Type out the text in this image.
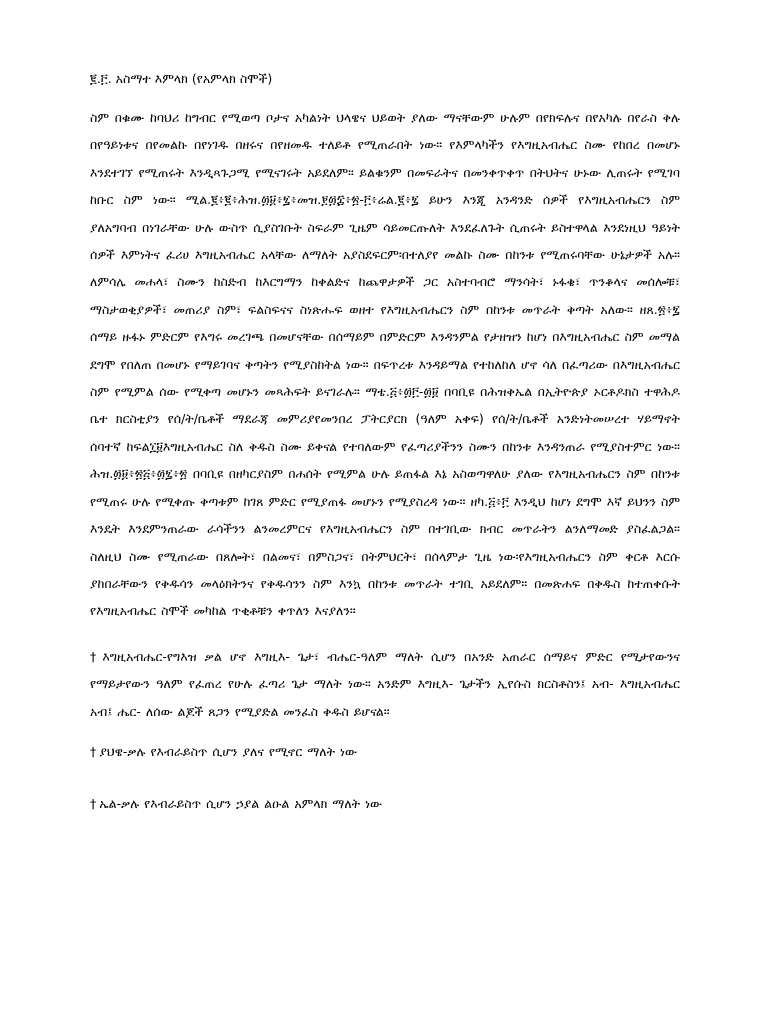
፪.፫. አስማተ እምላክ (የአምላክ ስሞች)

ስም በቁሙ ከባህሪ ከግብር የሚወጣ ቦታና አካልነት ህላዌና ህይወት ያለው ማናቸውም ሁሉም በየክፍሉና በየአካሉ በየራስ ቅሉ በየዓይነቱና በየመልኩ በየነገዱ በዘሩና በየዘመዱ ተለይቶ የሚጠራበት ነው። የእምላካችን የእግዚአብሔር ስሙ የከበረ በመሆኑ እንደተገኘ የሚጠሩት እንዲጻጉጋሚ የሚናገሩት አይደለም። ይልቁንም በመፍራትና በመንቀጥቀጥ በትህትና ሁኑው ሊጠሩት የሚገባ ከቡር ስም ነው። ሚል.፪፥፪፥ሕዝ.፴፱፥፯፥መዝ.፻፴፰፥፳-፫፥ሬል.፪፥፯ ይሁን እንጂ አንዳንድ ሰዎች የእግዚአብሔርን ስም ያለአግባብ በነገራቸው ሁሉ ውስጥ ሲያስገቡት ስፍራም ጊዜም ሳይመርጡለት እንደፈለጉት ሲጠሩት ይስተዋላል እንደነዚህ ዓይነት ሰዎች እምነትና ፈሪሀ እግዚአብሔር አላቸው ለማለት አያስደፍርም፡በተለያየ መልኩ ስሙ በከንቱ የሚጠሩባቸው ሁኔታዎች አሉ። ለምሳሌ መሐላ፣ ስሙን ከስድብ ከእርግማን ከቀልድና ከጨዋታዎች ጋር አስተባብሮ ማንሳት፣ ኑፋቄ፣ ጥንቆላና መሰሎቹ፣ ማስታወቂያዎች፣ መጠሪያ ስም፣ ፍልስፍናና ስነጽሑፍ ወዘተ የእግዚአብሔርን ስም በከንቱ መጥራት ቅጣት አለው። ዘጸ.፳፥፯ ሰማይ ዙፋኑ ምድርም የእግሩ መረገጫ በመሆናቸው በሰማይም በምድርም እንዳንምል የታዘዝን ከሆነ በእግዚአብሔር ስም መማል ደግሞ የበለጠ በመሆኑ የማይገባና ቅጣትን የሚያስከትል ነው። በፍጥረቱ እንዳይማል የተከለከለ ሆኖ ሳለ በፈጣሪው በእግዚአብሔር ስም የሚምል ሰው የሚቀጣ መሆኑን መጻሕፍት ይናገራሉ። ማቴ.፭፥፴፫-፴፱ በባቢዩ በሕዝቅኤል በኢትዮጵያ ኦርቶዶክስ ተዋሕዶ ቤተ ክርስቲያን የሰ/ት/ቤቶች ማደራጃ መምሪያየመንበረ ፓትርያርክ (ዓለም አቀፍ) የሰ/ት/ቤቶች አንድነትመሠረተ ሃይማኖት ሰባተኛ ከፍል፲፱እግዚአብሔር ስለ ቅዱስ ስሙ ይቀናል የተባለውም የፈጣሪያችንን ስሙን በከንቱ እንዳንጠራ የሚያስተምር ነው። ሕዝ.፴፱፥፳፭፥፴፯፥፳ በባቢዩ በዘካርያስም በሐሰት የሚምል ሁሉ ይጠፋል እኔ አስወጣዋለሁ ያለው የእግዚአብሔርን ስም በከንቱ የሚጠሩ ሁሉ የሚቀጡ ቅጣቱም ከገጸ ምድር የሚያጠፋ መሆኑን የሚያስረዳ ነው። ዘካ.፭፥፫ እንዲህ ከሆነ ደግሞ እኛ ይህንን ስም እንዴት እንደምንጠራው ራሳችንን ልንመረምርና የእግዚአብሔርን ስም በተገቢው ክብር መጥራትን ልንለማመድ ያስፈልጋል። ስለዚህ ስሙ የሚጠራው በጸሎት፣ በልመና፣ በምስጋና፣ በትምህርት፣ በሰላምታ ጊዜ ነው፡የእግዚአብሔርን ስም ቀርቶ እርሱ ያከበራቸውን የቅዱሳን መላዕክትንና የቅዱሳንን ስም እንኳ በከንቱ መጥራት ተገቢ አይደለም። በመጽሐፍ በቅዱስ ከተጠቀሱት የእግዚአብሔር ስሞች መካከል ጥቂቶቹን ቀጥለን እናያለን።

† እግዚአብሔር-የግእዝ ቃል ሆኖ እግዚእ- ጌታ፣ ብሔር-ዓለም ማለት ሲሆን በአንድ አጠራር ሰማይና ምድር የሚታየውንና የማይታየውን ዓለም የፈጠረ የሁሉ ፈጣሪ ጌታ ማለት ነው። አንድም እግዚእ- ጌታችን ኢየሱስ ክርስቶስን፤ አብ- እግዚአብሔር አብ፤ ሔር- ለሰው ልጆች ጸጋን የሚያድል መንፈስ ቅዱስ ይሆናል።

† ያህዌ-ቃሉ የእብራይስጥ ሲሆን ያለና የሚኖር ማለት ነው

† ኤል-ቃሉ የእብራይስጥ ሲሆን ኃያል ልዑል አምላክ ማለት ነው
